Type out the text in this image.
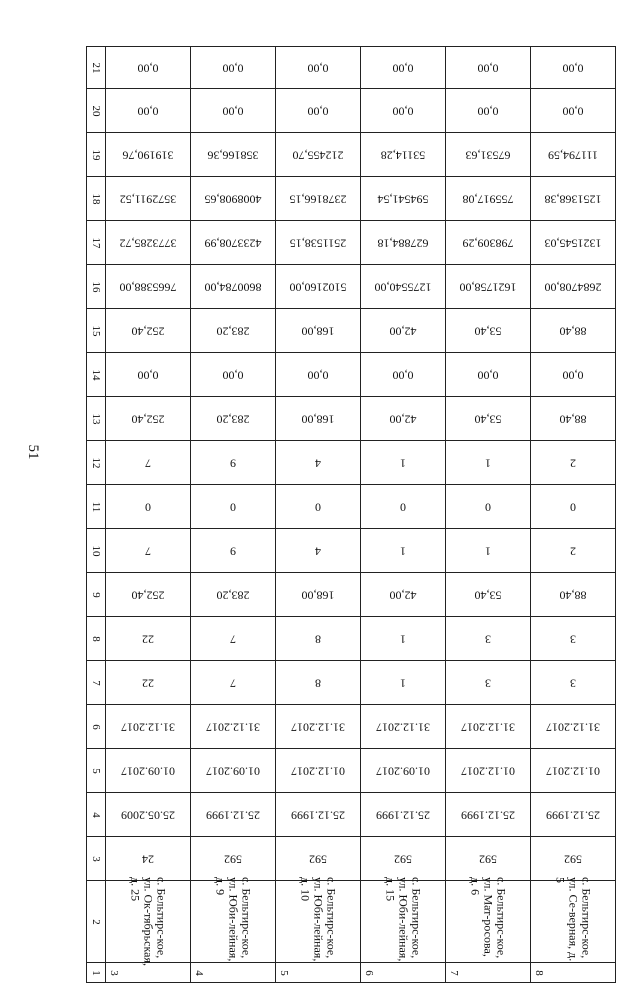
51
21	0,00	0,00	0,00	0,00	0,00	0,00

20	0,00	0,00	0,00	0,00	0,00	0,00

19	319190,76	358166,36	212455,70	53114,28	67531,63	111794,59

18	3572911,52	4008908,65	2378166,15	594541,54	755917,08	1251368,38

17	3773285,72	4233708,99	2511538,15	627884,18	798309,29	1321545,03

16	7665388,00	8600784,00	5102160,00	1275540,00	1621758,00	2684708,00

15	252,40	283,20	168,00	42,00	53,40	88,40

14	0,00	0,00	0,00	0,00	0,00	0,00

13	252,40	283,20	168,00	42,00	53,40	88,40

12	7	9	4	1	1	2

11	0	0	0	0	0	0

10	7	9	4	1	1	2

9	252,40	283,20	168,00	42,00	53,40	88,40

8	22	7	8	1	3	3

7	22	7	8	1	3	3

6	31.12.2017	31.12.2017	31.12.2017	31.12.2017	31.12.2017	31.12.2017

5	01.09.2017	01.09.2017	01.12.2017	01.09.2017	01.12.2017	01.12.2017

4	25.05.2009	25.12.1999	25.12.1999	25.12.1999	25.12.1999	25.12.1999

3	24	592	592	592	592	592

2	с. Бельтирс-кое, ул. Ок-тябрьская, д. 25	с. Бельтирс-кое, ул. Юби-лейная, д. 9	с. Бельтирс-кое, ул. Юби-лейная, д. 10	с. Бельтирс-кое, ул. Юби-лейная, д. 15	с. Бельтирс-кое, ул. Мат-росова, д. 6	с. Бельтирс-кое, ул. Се-верная, д. 5

1	3	4	5	6	7	8
